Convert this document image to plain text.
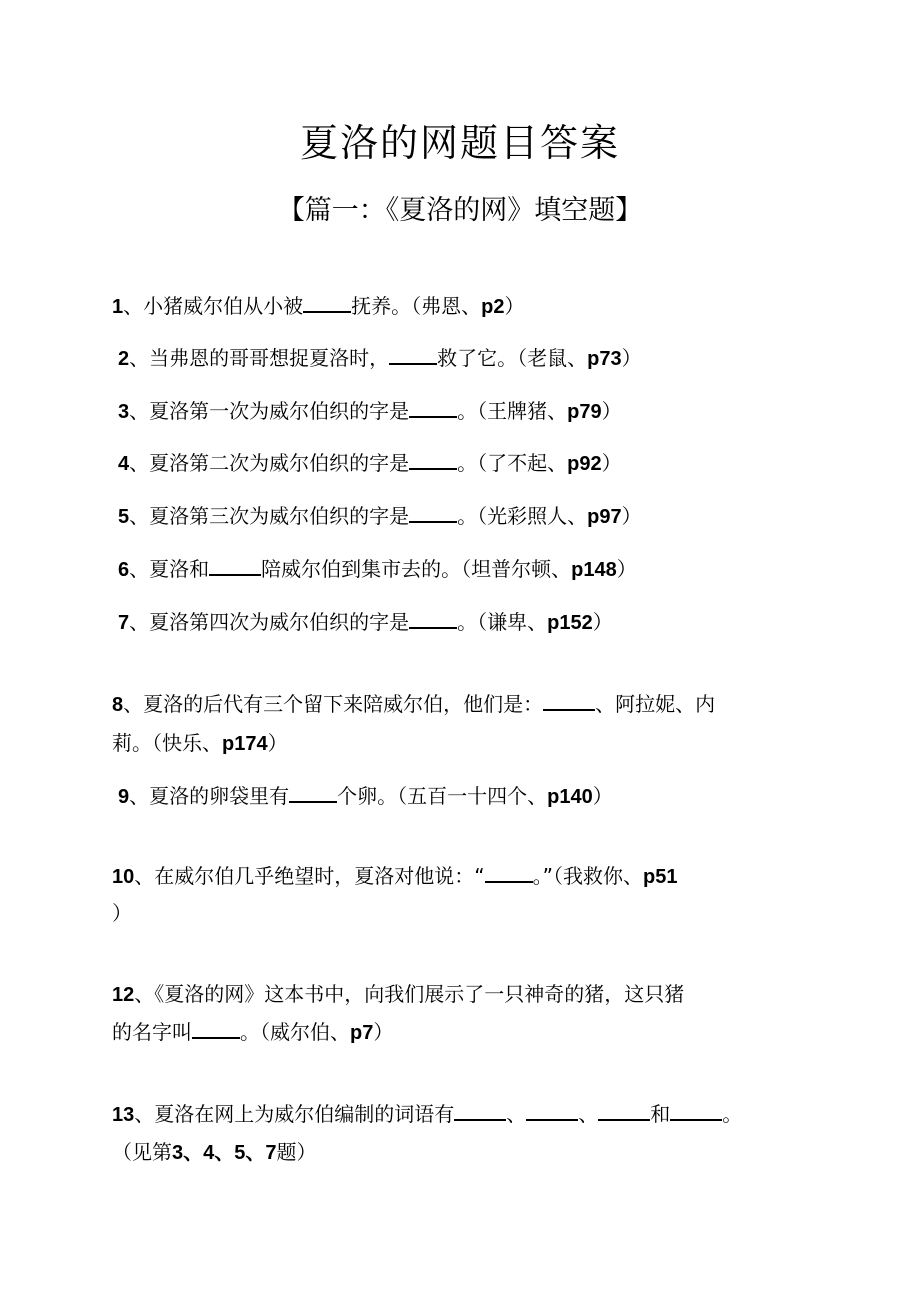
夏洛的网题目答案
【篇一：《夏洛的网》填空题】
1、小猪威尔伯从小被 抚养。（弗恩、p2）
2、当弗恩的哥哥想捉夏洛时， 救了它。（老鼠、p73）
3、夏洛第一次为威尔伯织的字是 。（王牌猪、p79）
4、夏洛第二次为威尔伯织的字是 。（了不起、p92）
5、夏洛第三次为威尔伯织的字是 。（光彩照人、p97）
6、夏洛和	陪威尔伯到集市去的。（坦普尔顿、p148）
7、夏洛第四次为威尔伯织的字是 。（谦卑、p152）
8、夏洛的后代有三个留下来陪威尔伯，他们是：	、阿拉妮、内
莉。（快乐、p174）
9、夏洛的卵袋里有 个卵。（五百一十四个、p140）
10、在威尔伯几乎绝望时，夏洛对他说：“ 。”（我救你、p51
）
12、《夏洛的网》这本书中，向我们展示了一只神奇的猪，这只猪
的名字叫 。（威尔伯、p7）
13、夏洛在网上为威尔伯编制的词语有	、	、	和	。
（见第3、4、5、7题）
